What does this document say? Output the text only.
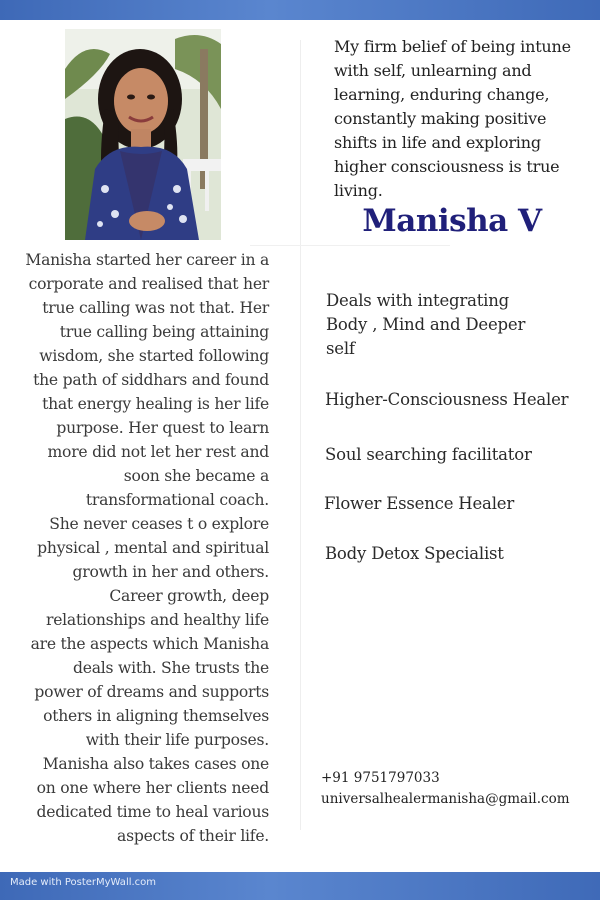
Manisha started her career in a
corporate and realised that her
true calling was not that. Her
true calling being attaining
wisdom, she started following
the path of siddhars and found
that energy healing is her life
purpose. Her quest to learn
more did not let her rest and
soon she became a
transformational coach.
She never ceases t o explore
physical , mental and spiritual
growth in her and others.
Career growth, deep
relationships and healthy life
are the aspects which Manisha
deals with. She trusts the
power of dreams and supports
others in aligning themselves
with their life purposes.
Manisha also takes cases one
on one where her clients need
dedicated time to heal various
aspects of their life.
My firm belief of being intune
with self, unlearning and
learning, enduring change,
constantly making positive
shifts in life and exploring
higher consciousness is true
living.
Manisha V
Deals with integrating
Body , Mind and Deeper
self
Higher-Consciousness Healer
Soul searching facilitator
Flower Essence Healer
Body Detox Specialist
+91 9751797033
universalhealermanisha@gmail.com
Made with PosterMyWall.com
